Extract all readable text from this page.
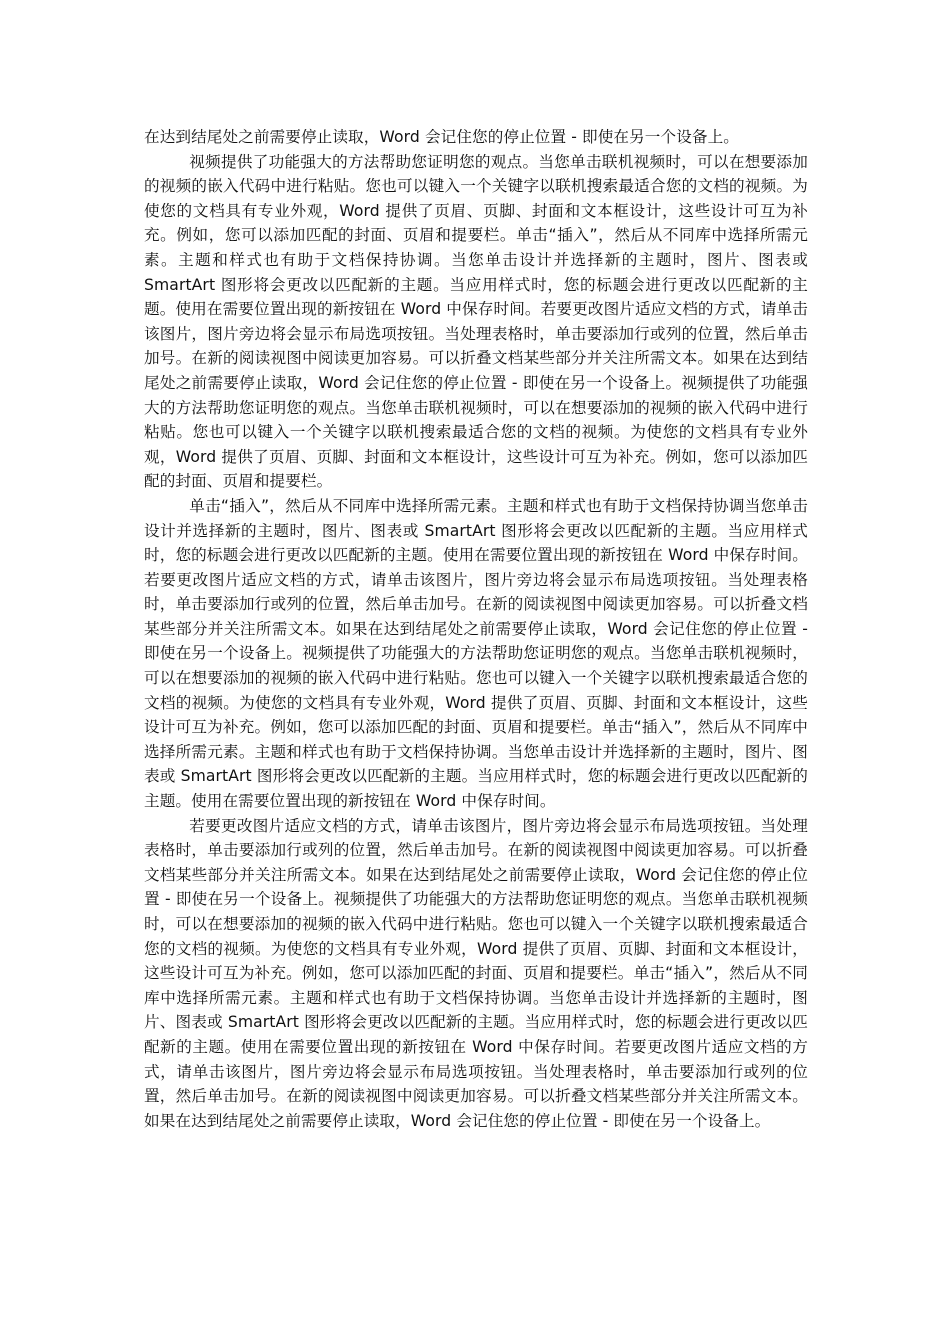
在达到结尾处之前需要停止读取，Word 会记住您的停止位置 - 即使在另一个设备上。

视频提供了功能强大的方法帮助您证明您的观点。当您单击联机视频时，可以在想要添加的视频的嵌入代码中进行粘贴。您也可以键入一个关键字以联机搜索最适合您的文档的视频。为使您的文档具有专业外观，Word 提供了页眉、页脚、封面和文本框设计，这些设计可互为补充。例如，您可以添加匹配的封面、页眉和提要栏。单击“插入”，然后从不同库中选择所需元素。主题和样式也有助于文档保持协调。当您单击设计并选择新的主题时，图片、图表或 SmartArt 图形将会更改以匹配新的主题。当应用样式时，您的标题会进行更改以匹配新的主题。使用在需要位置出现的新按钮在 Word 中保存时间。若要更改图片适应文档的方式，请单击该图片，图片旁边将会显示布局选项按钮。当处理表格时，单击要添加行或列的位置，然后单击加号。在新的阅读视图中阅读更加容易。可以折叠文档某些部分并关注所需文本。如果在达到结尾处之前需要停止读取，Word 会记住您的停止位置 - 即使在另一个设备上。视频提供了功能强大的方法帮助您证明您的观点。当您单击联机视频时，可以在想要添加的视频的嵌入代码中进行粘贴。您也可以键入一个关键字以联机搜索最适合您的文档的视频。为使您的文档具有专业外观，Word 提供了页眉、页脚、封面和文本框设计，这些设计可互为补充。例如，您可以添加匹配的封面、页眉和提要栏。

单击“插入”，然后从不同库中选择所需元素。主题和样式也有助于文档保持协调当您单击设计并选择新的主题时，图片、图表或 SmartArt 图形将会更改以匹配新的主题。当应用样式时，您的标题会进行更改以匹配新的主题。使用在需要位置出现的新按钮在 Word 中保存时间。若要更改图片适应文档的方式，请单击该图片，图片旁边将会显示布局选项按钮。当处理表格时，单击要添加行或列的位置，然后单击加号。在新的阅读视图中阅读更加容易。可以折叠文档某些部分并关注所需文本。如果在达到结尾处之前需要停止读取，Word 会记住您的停止位置 - 即使在另一个设备上。视频提供了功能强大的方法帮助您证明您的观点。当您单击联机视频时，可以在想要添加的视频的嵌入代码中进行粘贴。您也可以键入一个关键字以联机搜索最适合您的文档的视频。为使您的文档具有专业外观，Word 提供了页眉、页脚、封面和文本框设计，这些设计可互为补充。例如，您可以添加匹配的封面、页眉和提要栏。单击“插入”，然后从不同库中选择所需元素。主题和样式也有助于文档保持协调。当您单击设计并选择新的主题时，图片、图表或 SmartArt 图形将会更改以匹配新的主题。当应用样式时，您的标题会进行更改以匹配新的主题。使用在需要位置出现的新按钮在 Word 中保存时间。

若要更改图片适应文档的方式，请单击该图片，图片旁边将会显示布局选项按钮。当处理表格时，单击要添加行或列的位置，然后单击加号。在新的阅读视图中阅读更加容易。可以折叠文档某些部分并关注所需文本。如果在达到结尾处之前需要停止读取，Word 会记住您的停止位置 - 即使在另一个设备上。视频提供了功能强大的方法帮助您证明您的观点。当您单击联机视频时，可以在想要添加的视频的嵌入代码中进行粘贴。您也可以键入一个关键字以联机搜索最适合您的文档的视频。为使您的文档具有专业外观，Word 提供了页眉、页脚、封面和文本框设计，这些设计可互为补充。例如，您可以添加匹配的封面、页眉和提要栏。单击“插入”，然后从不同库中选择所需元素。主题和样式也有助于文档保持协调。当您单击设计并选择新的主题时，图片、图表或 SmartArt 图形将会更改以匹配新的主题。当应用样式时，您的标题会进行更改以匹配新的主题。使用在需要位置出现的新按钮在 Word 中保存时间。若要更改图片适应文档的方式，请单击该图片，图片旁边将会显示布局选项按钮。当处理表格时，单击要添加行或列的位置，然后单击加号。在新的阅读视图中阅读更加容易。可以折叠文档某些部分并关注所需文本。如果在达到结尾处之前需要停止读取，Word 会记住您的停止位置 - 即使在另一个设备上。
